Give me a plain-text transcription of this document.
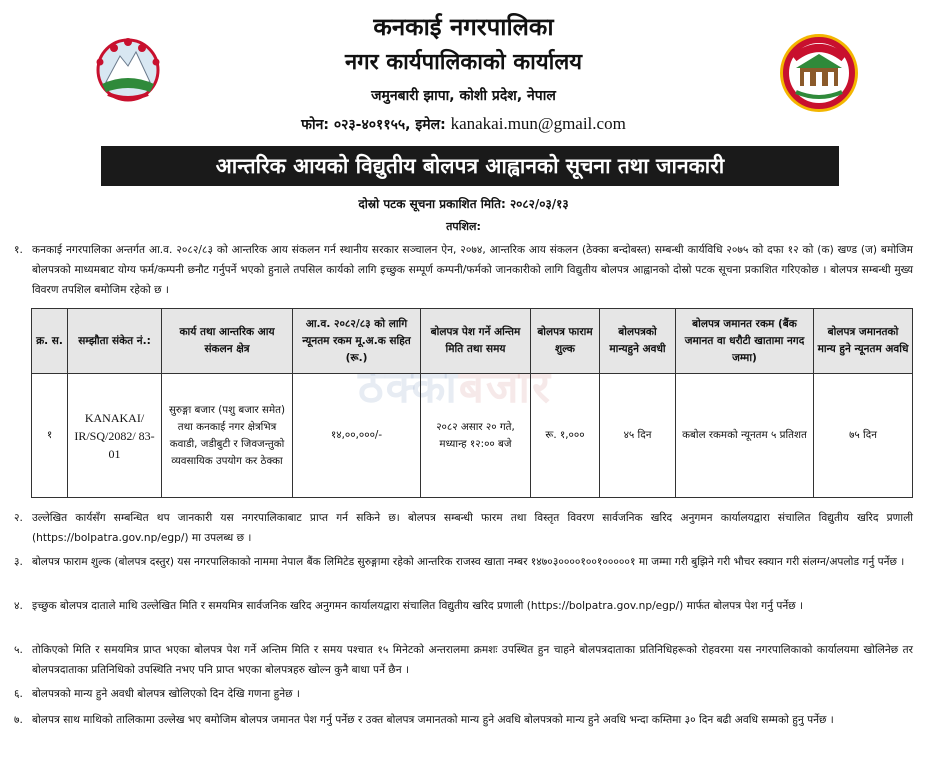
कनकाई नगरपालिका
नगर कार्यपालिकाको कार्यालय
जमुनबारी झापा, कोशी प्रदेश, नेपाल
फोन: ०२३-४०११५५, इमेल: kanakai.mun@gmail.com
आन्तरिक आयको विद्युतीय बोलपत्र आह्वानको सूचना तथा जानकारी
दोस्रो पटक सूचना प्रकाशित मिति: २०८२/०३/१३
तपशिल:
१. कनकाई नगरपालिका अन्तर्गत आ.व. २०८२/८३ को आन्तरिक आय संकलन गर्न स्थानीय सरकार सञ्चालन ऐन, २०७४, आन्तरिक आय संकलन (ठेक्का बन्दोबस्त) सम्बन्धी कार्यविधि २०७५ को दफा १२ को (क) खण्ड (ज) बमोजिम बोलपत्रको माध्यमबाट योग्य फर्म/कम्पनी छनौट गर्नुपर्ने भएको हुनाले तपसिल कार्यको लागि इच्छुक सम्पूर्ण कम्पनी/फर्मको जानकारीको लागि विद्युतीय बोलपत्र आह्वानको दोस्रो पटक सूचना प्रकाशित गरिएकोछ । बोलपत्र सम्बन्धी मुख्य विवरण तपशिल बमोजिम रहेको छ ।
ठेक्काबजार
क्र. स.	सम्झौता संकेत नं.:	कार्य तथा आन्तरिक आय संकलन क्षेत्र	आ.व. २०८२/८३ को लागि न्यूनतम रकम मू.अ.क सहित (रू.)	बोलपत्र पेश गर्ने अन्तिम मिति तथा समय	बोलपत्र फाराम शुल्क	बोलपत्रको मान्यहुने अवधी	बोलपत्र जमानत रकम (बैंक जमानत वा धरौटी खातामा नगद जम्मा)	बोलपत्र जमानतको मान्य हुने न्यूनतम अवधि
१	KANAKAI/ IR/SQ/2082/ 83-01	सुरुङ्गा बजार (पशु बजार समेत) तथा कनकाई नगर क्षेत्रभित्र कवाडी, जडीबुटी र जिवजन्तुको व्यवसायिक उपयोग कर ठेक्का	१४,००,०००/-	२०८२ असार २० गते, मध्यान्ह १२:०० बजे	रू. १,०००	४५ दिन	कबोल रकमको न्यूनतम ५ प्रतिशत	७५ दिन
२. उल्लेखित कार्यसँग सम्बन्धित थप जानकारी यस नगरपालिकाबाट प्राप्त गर्न सकिने छ। बोलपत्र सम्बन्धी फारम तथा विस्तृत विवरण सार्वजनिक खरिद अनुगमन कार्यालयद्वारा संचालित विद्युतीय खरिद प्रणाली (https://bolpatra.gov.np/egp/) मा उपलब्ध छ ।
३. बोलपत्र फाराम शुल्क (बोलपत्र दस्तुर) यस नगरपालिकाको नाममा नेपाल बैंक लिमिटेड सुरुङ्गामा रहेको आन्तरिक राजस्व खाता नम्बर १४७०३००००१००१०००००१ मा जम्मा गरी बुझिने गरी भौचर स्क्यान गरी संलग्न/अपलोड गर्नु पर्नेछ ।
४. इच्छुक बोलपत्र दाताले माथि उल्लेखित मिति र समयमित्र सार्वजनिक खरिद अनुगमन कार्यालयद्वारा संचालित विद्युतीय खरिद प्रणाली (https://bolpatra.gov.np/egp/) मार्फत बोलपत्र पेश गर्नु पर्नेछ ।
५. तोकिएको मिति र समयमित्र प्राप्त भएका बोलपत्र पेश गर्ने अन्तिम मिति र समय पश्चात १५ मिनेटको अन्तरालमा क्रमशः उपस्थित हुन चाहने बोलपत्रदाताका प्रतिनिधिहरूको रोहवरमा यस नगरपालिकाको कार्यालयमा खोलिनेछ तर बोलपत्रदाताका प्रतिनिधिको उपस्थिति नभए पनि प्राप्त भएका बोलपत्रहरु खोल्न कुनै बाधा पर्ने छैन ।
६. बोलपत्रको मान्य हुने अवधी बोलपत्र खोलिएको दिन देखि गणना हुनेछ ।
७. बोलपत्र साथ माथिको तालिकामा उल्लेख भए बमोजिम बोलपत्र जमानत पेश गर्नु पर्नेछ र उक्त बोलपत्र जमानतको मान्य हुने अवधि बोलपत्रको मान्य हुने अवधि भन्दा कम्तिमा ३० दिन बढी अवधि सम्मको हुनु पर्नेछ ।
